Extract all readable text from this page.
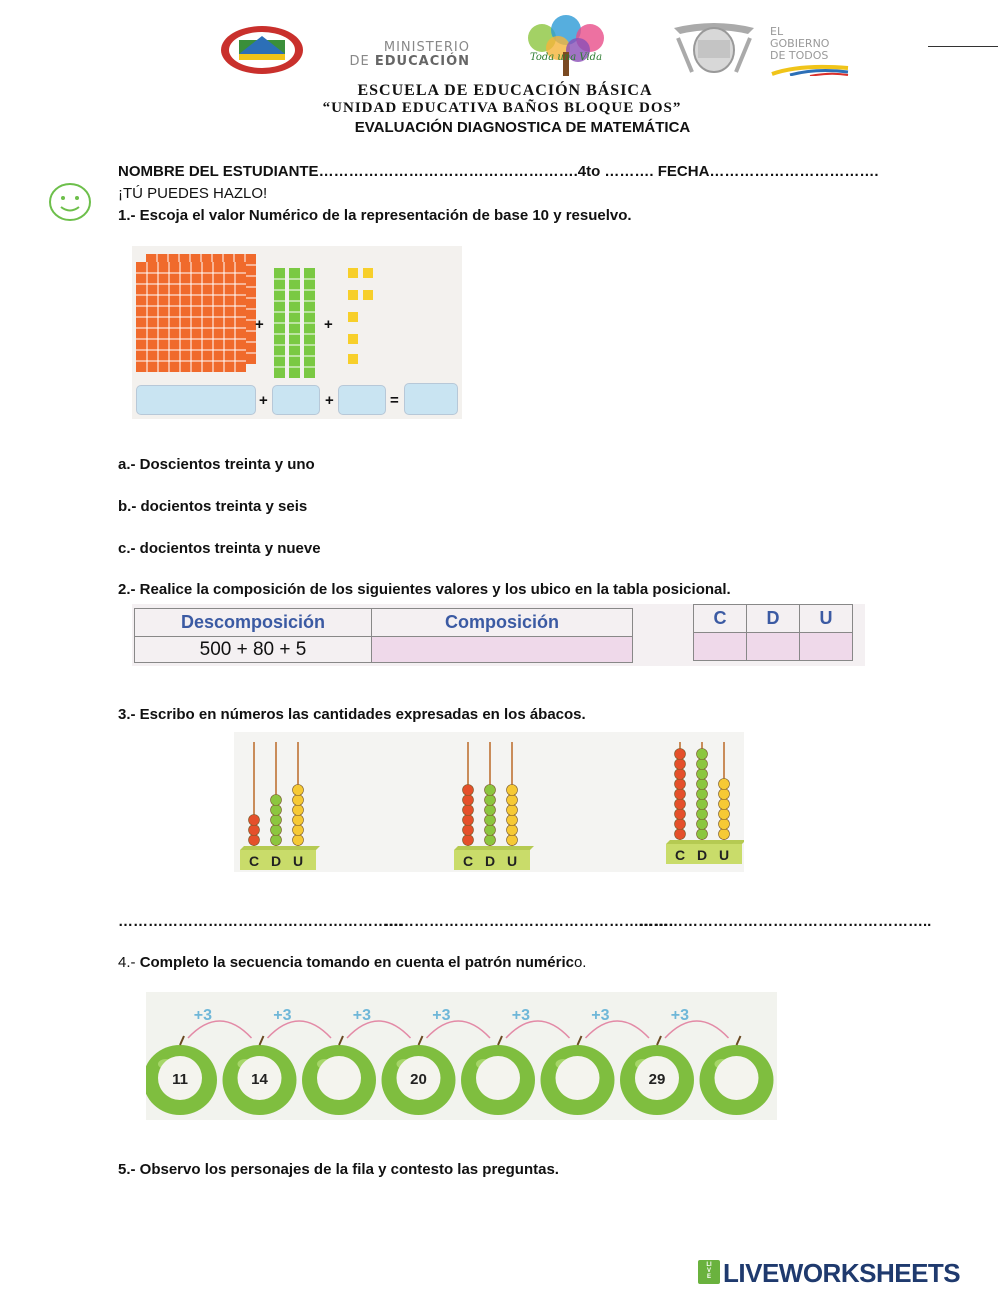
MINISTERIO
DE EDUCACIÓN	Toda una Vida
EL
GOBIERNO
DE TODOS
ESCUELA DE EDUCACIÓN BÁSICA
“UNIDAD EDUCATIVA BAÑOS BLOQUE DOS”
EVALUACIÓN DIAGNOSTICA DE MATEMÁTICA
NOMBRE DEL ESTUDIANTE…………………………………………….4to ………. FECHA…………………………….
¡TÚ PUEDES HAZLO!
1.- Escoja el valor Numérico de la representación de base 10 y resuelvo.
+	+
+	+	=
a.- Doscientos treinta y uno
b.- docientos treinta y seis
c.- docientos treinta y nueve
2.- Realice la composición de los siguientes valores y los ubico en la tabla posicional.
Descomposición	Composición
500 + 80 + 5	
C	D	U

3.- Escribo en números las cantidades expresadas en los ábacos.
C D U	C D U	C D U
…………………………………………………
………………………………………………….
…………………………………………………..
4.- Completo la secuencia tomando en cuenta el patrón numérico.
+3	+3	+3	+3	+3	+3	+3
11	14	20	29
5.- Observo los personajes de la fila y contesto las preguntas.
LIVE LIVEWORKSHEETS
